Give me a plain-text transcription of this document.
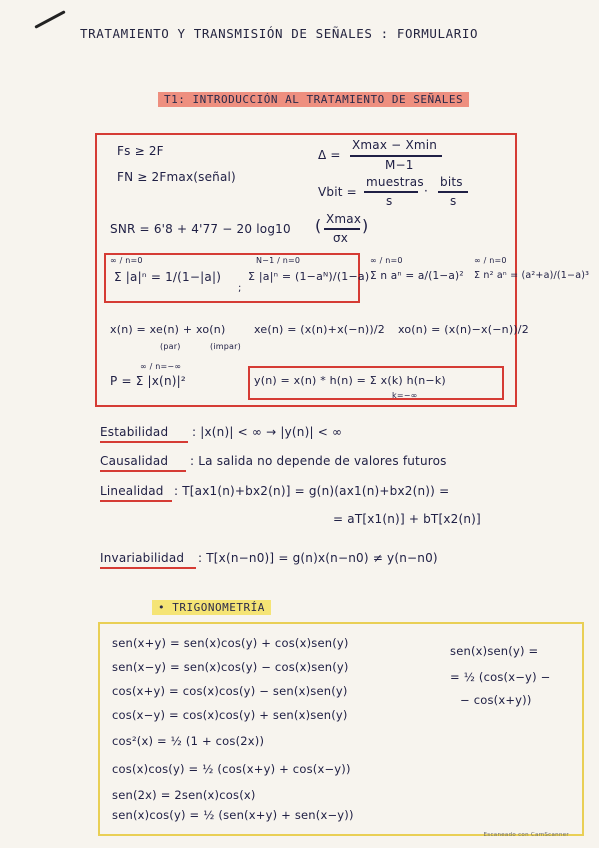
TRATAMIENTO Y TRANSMISIÓN DE SEÑALES : FORMULARIO
T1: INTRODUCCIÓN AL TRATAMIENTO DE SEÑALES
Fs ≥ 2F
FN ≥ 2Fmax(señal)
Δ =
Xmax − Xmin
M−1
Vbit =
muestras
s
·
bits
s
SNR = 6'8 + 4'77 − 20 log10 ( Xmax
σx
)
∞ / n=0
Σ |a|ⁿ = 1/(1−|a|)
N−1 / n=0
;
Σ |a|ⁿ = (1−aᴺ)/(1−a)
∞ / n=0
Σ n aⁿ = a/(1−a)²
∞ / n=0
Σ n² aⁿ = (a²+a)/(1−a)³
x(n) = xe(n) + xo(n)
(par)	(impar)
xe(n) = (x(n)+x(−n))/2 xo(n) = (x(n)−x(−n))/2
∞ / n=−∞
P = Σ |x(n)|²	y(n) = x(n) * h(n) = Σ x(k) h(n−k)
k=−∞
Estabilidad : |x(n)| < ∞ → |y(n)| < ∞
Causalidad : La salida no depende de valores futuros
Linealidad : T[ax1(n)+bx2(n)] = g(n)(ax1(n)+bx2(n)) =
= aT[x1(n)] + bT[x2(n)]
Invariabilidad : T[x(n−n0)] = g(n)x(n−n0) ≠ y(n−n0)
• TRIGONOMETRÍA
sen(x+y) = sen(x)cos(y) + cos(x)sen(y)
sen(x−y) = sen(x)cos(y) − cos(x)sen(y)
cos(x+y) = cos(x)cos(y) − sen(x)sen(y)
cos(x−y) = cos(x)cos(y) + sen(x)sen(y)
cos²(x) = ½ (1 + cos(2x))
cos(x)cos(y) = ½ (cos(x+y) + cos(x−y))
sen(2x) = 2sen(x)cos(x)
sen(x)cos(y) = ½ (sen(x+y) + sen(x−y))
sen(x)sen(y) =
= ½ (cos(x−y) −
− cos(x+y))
Escaneado con CamScanner
